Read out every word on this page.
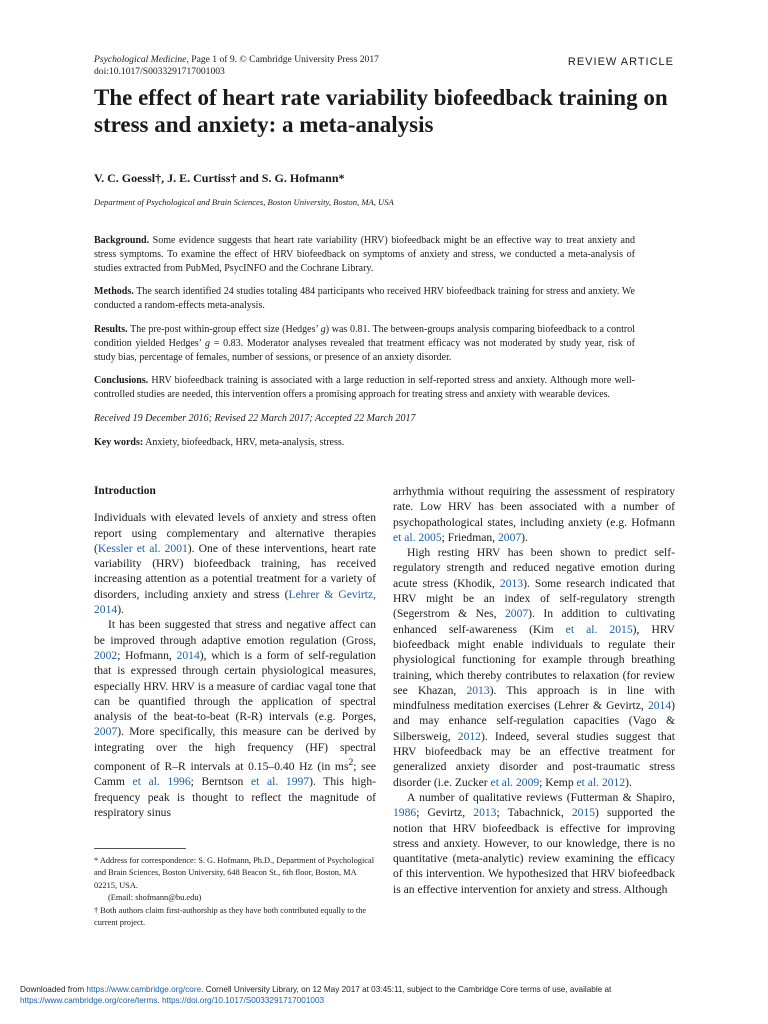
Psychological Medicine, Page 1 of 9. © Cambridge University Press 2017
doi:10.1017/S0033291717001003
REVIEW ARTICLE
The effect of heart rate variability biofeedback training on stress and anxiety: a meta-analysis
V. C. Goessl†, J. E. Curtiss† and S. G. Hofmann*
Department of Psychological and Brain Sciences, Boston University, Boston, MA, USA

Background. Some evidence suggests that heart rate variability (HRV) biofeedback might be an effective way to treat anxiety and stress symptoms. To examine the effect of HRV biofeedback on symptoms of anxiety and stress, we conducted a meta-analysis of studies extracted from PubMed, PsycINFO and the Cochrane Library.

Methods. The search identified 24 studies totaling 484 participants who received HRV biofeedback training for stress and anxiety. We conducted a random-effects meta-analysis.

Results. The pre-post within-group effect size (Hedges’ g) was 0.81. The between-groups analysis comparing biofeedback to a control condition yielded Hedges’ g = 0.83. Moderator analyses revealed that treatment efficacy was not moderated by study year, risk of study bias, percentage of females, number of sessions, or presence of an anxiety disorder.

Conclusions. HRV biofeedback training is associated with a large reduction in self-reported stress and anxiety. Although more well-controlled studies are needed, this intervention offers a promising approach for treating stress and anxiety with wearable devices.

Received 19 December 2016; Revised 22 March 2017; Accepted 22 March 2017

Key words: Anxiety, biofeedback, HRV, meta-analysis, stress.

Introduction

Individuals with elevated levels of anxiety and stress often report using complementary and alternative therapies (Kessler et al. 2001). One of these interventions, heart rate variability (HRV) biofeedback training, has received increasing attention as a potential treatment for a variety of disorders, including anxiety and stress (Lehrer & Gevirtz, 2014).

It has been suggested that stress and negative affect can be improved through adaptive emotion regulation (Gross, 2002; Hofmann, 2014), which is a form of self-regulation that is expressed through certain physiological measures, especially HRV. HRV is a measure of cardiac vagal tone that can be quantified through the application of spectral analysis of the beat-to-beat (R-R) intervals (e.g. Porges, 2007). More specifically, this measure can be derived by integrating over the high frequency (HF) spectral component of R–R intervals at 0.15–0.40 Hz (in $ms^2$; see Camm et al. 1996; Berntson et al. 1997). This high-frequency peak is thought to reflect the magnitude of respiratory sinus

arrhythmia without requiring the assessment of respiratory rate. Low HRV has been associated with a number of psychopathological states, including anxiety (e.g. Hofmann et al. 2005; Friedman, 2007).

High resting HRV has been shown to predict self-regulatory strength and reduced negative emotion during acute stress (Khodik, 2013). Some research indicated that HRV might be an index of self-regulatory strength (Segerstrom & Nes, 2007). In addition to cultivating enhanced self-awareness (Kim et al. 2015), HRV biofeedback might enable individuals to regulate their physiological functioning for example through breathing training, which thereby contributes to relaxation (for review see Khazan, 2013). This approach is in line with mindfulness meditation exercises (Lehrer & Gevirtz, 2014) and may enhance self-regulation capacities (Vago & Silbersweig, 2012). Indeed, several studies suggest that HRV biofeedback may be an effective treatment for generalized anxiety disorder and post-traumatic stress disorder (i.e. Zucker et al. 2009; Kemp et al. 2012).

A number of qualitative reviews (Futterman & Shapiro, 1986; Gevirtz, 2013; Tabachnick, 2015) supported the notion that HRV biofeedback is effective for improving stress and anxiety. However, to our knowledge, there is no quantitative (meta-analytic) review examining the efficacy of this intervention. We hypothesized that HRV biofeedback is an effective intervention for anxiety and stress. Although

* Address for correspondence: S. G. Hofmann, Ph.D., Department of Psychological and Brain Sciences, Boston University, 648 Beacon St., 6th floor, Boston, MA 02215, USA.

(Email: shofmann@bu.edu)

† Both authors claim first-authorship as they have both contributed equally to the current project.

Downloaded from https://www.cambridge.org/core. Cornell University Library, on 12 May 2017 at 03:45:11, subject to the Cambridge Core terms of use, available at
https://www.cambridge.org/core/terms. https://doi.org/10.1017/S0033291717001003
